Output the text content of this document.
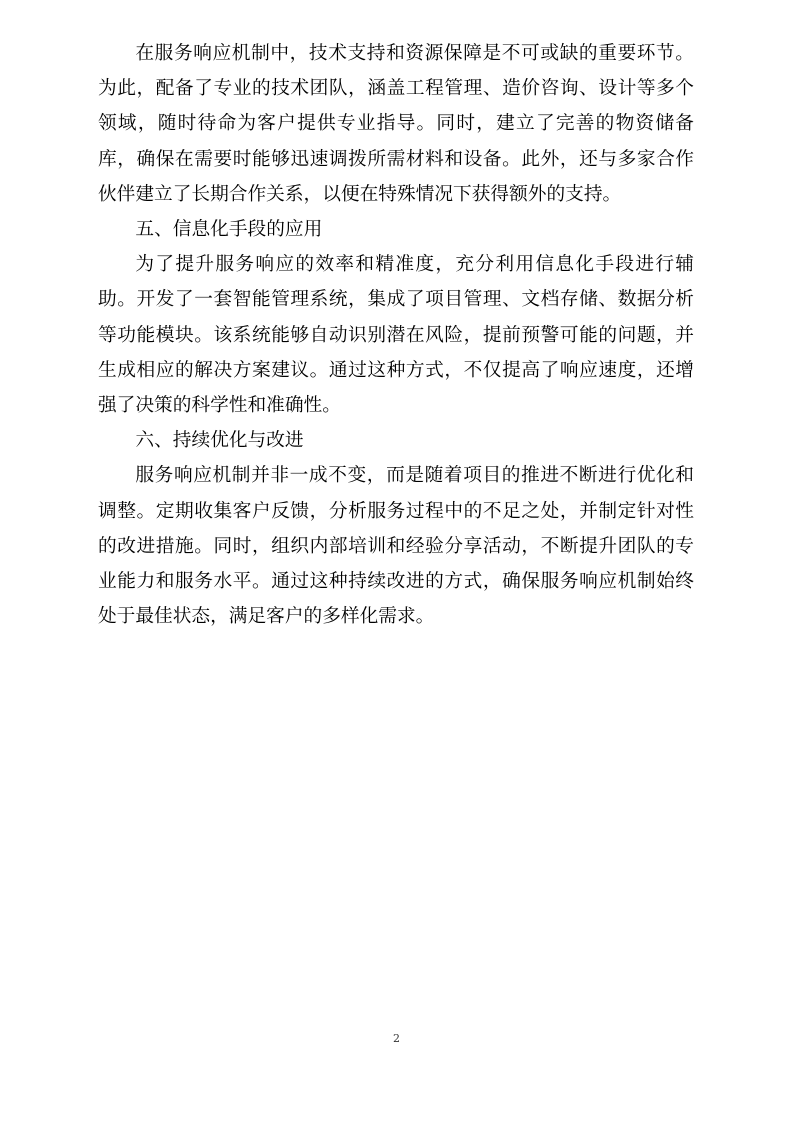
在服务响应机制中，技术支持和资源保障是不可或缺的重要环节。为此，配备了专业的技术团队，涵盖工程管理、造价咨询、设计等多个领域，随时待命为客户提供专业指导。同时，建立了完善的物资储备库，确保在需要时能够迅速调拨所需材料和设备。此外，还与多家合作伙伴建立了长期合作关系，以便在特殊情况下获得额外的支持。

五、信息化手段的应用

为了提升服务响应的效率和精准度，充分利用信息化手段进行辅助。开发了一套智能管理系统，集成了项目管理、文档存储、数据分析等功能模块。该系统能够自动识别潜在风险，提前预警可能的问题，并生成相应的解决方案建议。通过这种方式，不仅提高了响应速度，还增强了决策的科学性和准确性。

六、持续优化与改进

服务响应机制并非一成不变，而是随着项目的推进不断进行优化和调整。定期收集客户反馈，分析服务过程中的不足之处，并制定针对性的改进措施。同时，组织内部培训和经验分享活动，不断提升团队的专业能力和服务水平。通过这种持续改进的方式，确保服务响应机制始终处于最佳状态，满足客户的多样化需求。

2
